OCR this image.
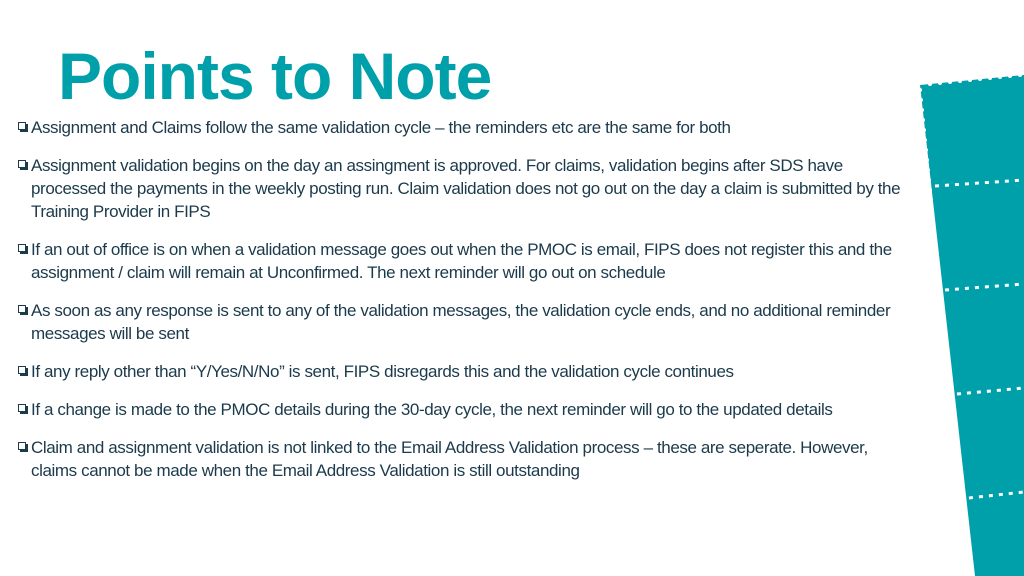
Points to Note
Assignment and Claims follow the same validation cycle – the reminders etc are the same for both
Assignment validation begins on the day an assingment is approved. For claims, validation begins after SDS have processed the payments in the weekly posting run. Claim validation does not go out on the day a claim is submitted by the Training Provider in FIPS
If an out of office is on when a validation message goes out when the PMOC is email, FIPS does not register this and the assignment / claim will remain at Unconfirmed. The next reminder will go out on schedule
As soon as any response is sent to any of the validation messages, the validation cycle ends, and no additional reminder messages will be sent
If any reply other than “Y/Yes/N/No” is sent, FIPS disregards this and the validation cycle continues
If a change is made to the PMOC details during the 30-day cycle, the next reminder will go to the updated details
Claim and assignment validation is not linked to the Email Address Validation process – these are seperate. However, claims cannot be made when the Email Address Validation is still outstanding
